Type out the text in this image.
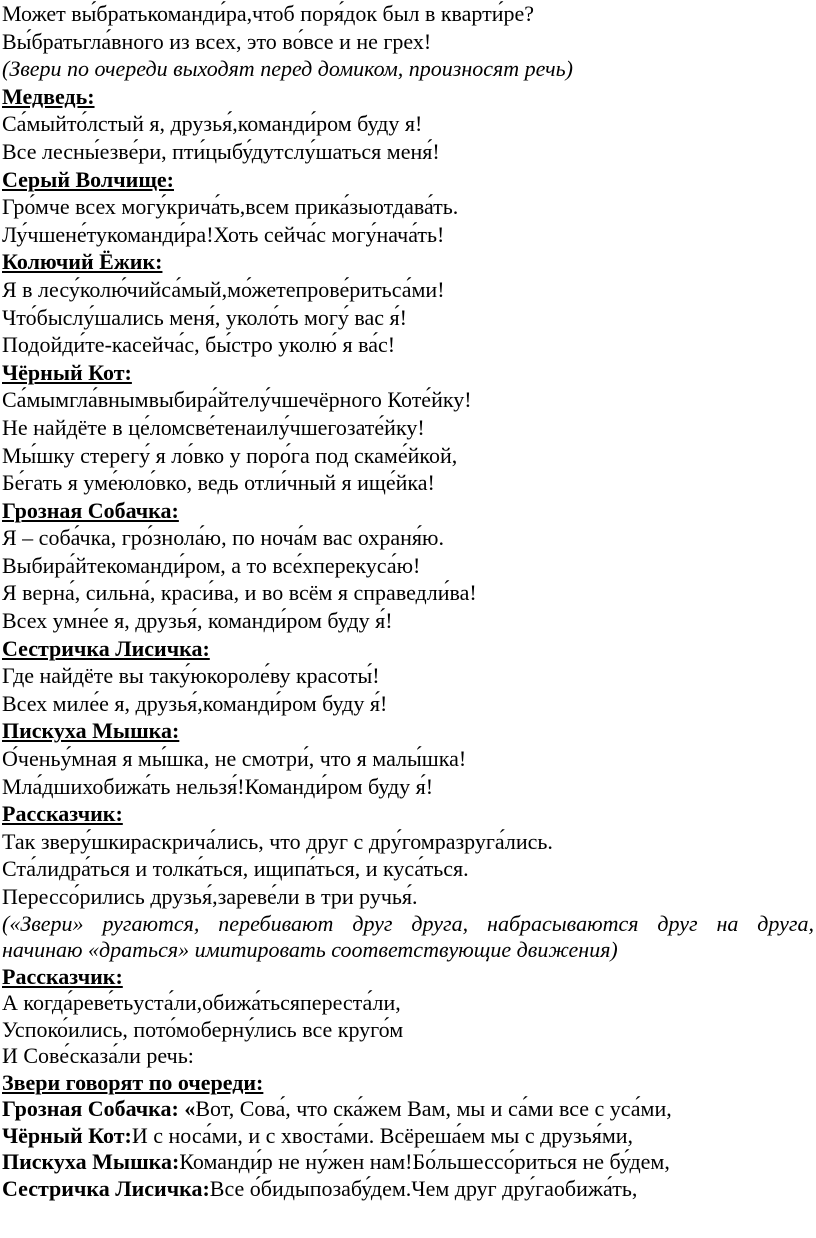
Может вы́братькоманди́ра,чтоб поря́док был в кварти́ре?
Вы́братьгла́вного из всех, это во́все и не грех!
(Звери по очереди выходят перед домиком, произносят речь)
Медведь:
Са́мыйто́лстый я, друзья́,команди́ром буду я!
Все лесны́езве́ри, пти́цыбу́дутслу́шаться меня́!
Серый Волчище:
Гро́мче всех могу́крича́ть,всем прика́зыотдава́ть.
Лу́чшене́тукоманди́ра!Хоть сейча́с могу́нача́ть!
Колючий Ёжик:
Я в лесу́колю́чийса́мый,мо́жетепрове́ритьса́ми!
Что́быслу́шались меня́, уколо́ть могу́ вас я́!
Подойди́те-касейча́с, бы́стро уколю́ я ва́с!
Чёрный Кот:
Са́мымгла́внымвыбира́йтелу́чшечёрного Коте́йку!
Не найдёте в це́ломсве́тенаилу́чшегозате́йку!
Мы́шку стерегу́ я ло́вко у поро́га под скаме́йкой,
Бе́гать я уме́юло́вко, ведь отли́чный я ище́йка!
Грозная Собачка:
Я – соба́чка, гро́знола́ю, по ноча́м вас охраня́ю.
Выбира́йтекоманди́ром, а то все́хперекуса́ю!
Я верна́, сильна́, краси́ва, и во всём я справедли́ва!
Всех умне́е я, друзья́, команди́ром буду я́!
Сестричка Лисичка:
Где найдёте вы таку́юкороле́ву красоты́!
Всех миле́е я, друзья́,команди́ром буду я́!
Пискуха Мышка:
О́ченьу́мная я мы́шка, не смотри́, что я малы́шка!
Мла́дшихобижа́ть нельзя́!Команди́ром буду я́!
Рассказчик:
Так зверу́шкираскрича́лись, что друг с дру́гомразруга́лись.
Ста́лидра́ться и толка́ться, ищипа́ться, и куса́ться.
Перессо́рились друзья́,зареве́ли в три ручья́.
(«Звери» ругаются, перебивают друг друга, набрасываются друг на друга,
начинаю «драться» имитировать соответствующие движения)
Рассказчик:
А когда́реве́тьуста́ли,обижа́тьсяпереста́ли,
Успоко́ились, пото́моберну́лись все круго́м
И Сове́сказа́ли речь:
Звери говорят по очереди:
Грозная Собачка: «Вот, Сова́, что ска́жем Вам, мы и са́ми все с уса́ми,
Чёрный Кот:И с носа́ми, и с хвоста́ми. Всёреша́ем мы с друзья́ми,
Пискуха Мышка:Команди́р не ну́жен нам!Бо́льшессо́риться не бу́дем,
Сестричка Лисичка:Все о́бидыпозабу́дем.Чем друг дру́гаобижа́ть,
